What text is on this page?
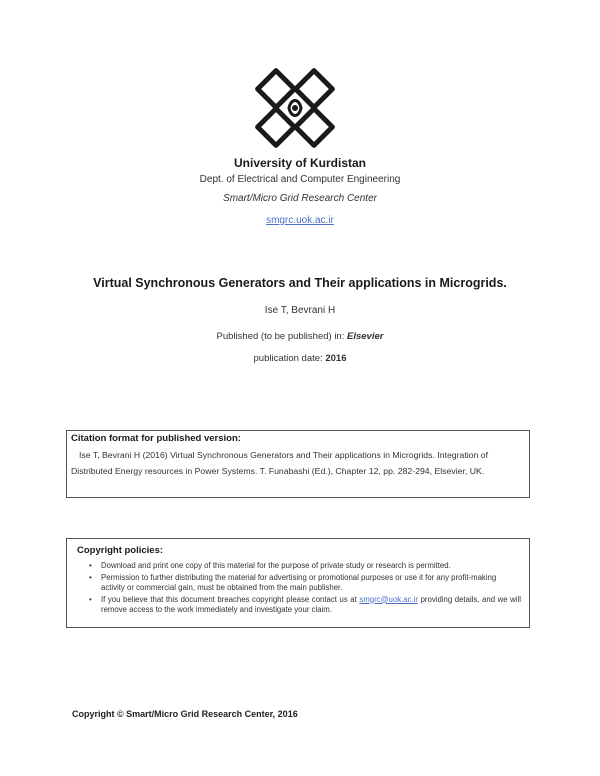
University of Kurdistan
Dept. of Electrical and Computer Engineering
Smart/Micro Grid Research Center
smgrc.uok.ac.ir
Virtual Synchronous Generators and Their applications in Microgrids.
Ise T, Bevrani H
Published (to be published) in: Elsevier
publication date: 2016
Citation format for published version:
Ise T, Bevrani H (2016) Virtual Synchronous Generators and Their applications in Microgrids. Integration of Distributed Energy resources in Power Systems. T. Funabashi (Ed.), Chapter 12, pp. 282-294, Elsevier, UK.
Copyright policies:
• Download and print one copy of this material for the purpose of private study or research is permitted.
• Permission to further distributing the material for advertising or promotional purposes or use it for any profit-making activity or commercial gain, must be obtained from the main publisher.
• If you believe that this document breaches copyright please contact us at smgrc@uok.ac.ir providing details, and we will remove access to the work immediately and investigate your claim.
Copyright © Smart/Micro Grid Research Center, 2016
